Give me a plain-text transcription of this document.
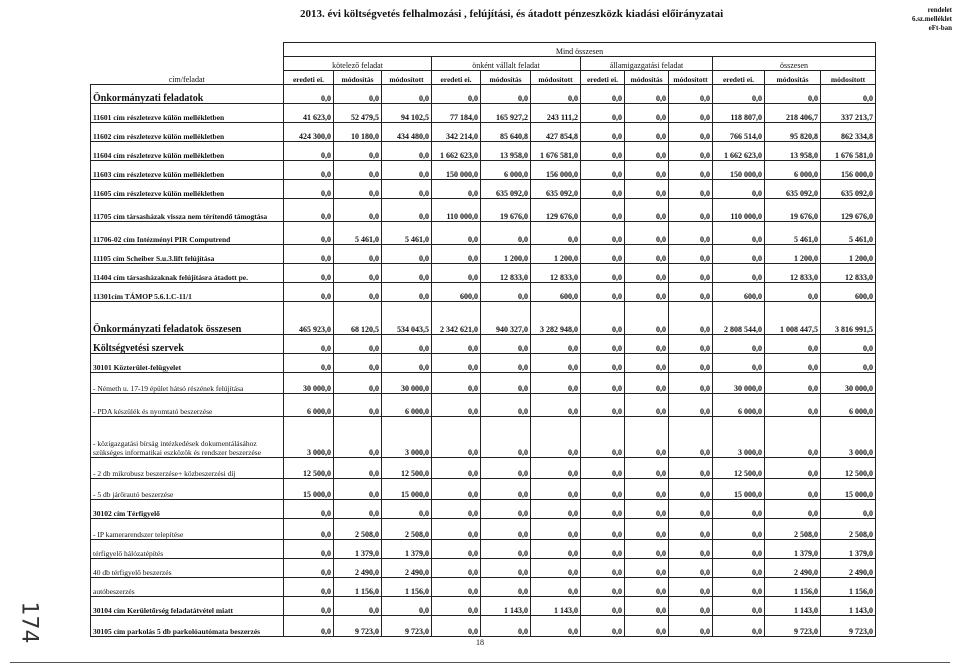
2013. évi költségvetés felhalmozási , felújítási, és átadott pénzeszközk kiadási előirányzatai	rendelet
6.sz.melléklet
eFt-ban
cím/feladat	Mind összesen											
	kötelező feladat			önként vállalt feladat			államigazgatási feladat			összesen		
	eredeti ei.	módosítás	módosított	eredeti ei.	módosítás	módosított	eredeti ei.	módosítás	módosított	eredeti ei.	módosítás	módosított
Önkormányzati feladatok	0,0	0,0	0,0	0,0	0,0	0,0	0,0	0,0	0,0	0,0	0,0	0,0
11601 cím részletezve külön mellékletben	41 623,0	52 479,5	94 102,5	77 184,0	165 927,2	243 111,2	0,0	0,0	0,0	118 807,0	218 406,7	337 213,7
11602 cím részletezve külön mellékletben	424 300,0	10 180,0	434 480,0	342 214,0	85 640,8	427 854,8	0,0	0,0	0,0	766 514,0	95 820,8	862 334,8
11604 cím részletezve külön mellékletben	0,0	0,0	0,0	1 662 623,0	13 958,0	1 676 581,0	0,0	0,0	0,0	1 662 623,0	13 958,0	1 676 581,0
11603 cím részletezve külön mellékletben	0,0	0,0	0,0	150 000,0	6 000,0	156 000,0	0,0	0,0	0,0	150 000,0	6 000,0	156 000,0
11605 cím részletezve külön mellékletben	0,0	0,0	0,0	0,0	635 092,0	635 092,0	0,0	0,0	0,0	0,0	635 092,0	635 092,0
11705 cím társasházak vissza nem térítendő támogtása	0,0	0,0	0,0	110 000,0	19 676,0	129 676,0	0,0	0,0	0,0	110 000,0	19 676,0	129 676,0
11706-02 cím Intézményi PIR Computrend	0,0	5 461,0	5 461,0	0,0	0,0	0,0	0,0	0,0	0,0	0,0	5 461,0	5 461,0
11105 cím Scheiber S.u.3.lift felújítása	0,0	0,0	0,0	0,0	1 200,0	1 200,0	0,0	0,0	0,0	0,0	1 200,0	1 200,0
11404 cím társasházaknak felújításra átadott pe.	0,0	0,0	0,0	0,0	12 833,0	12 833,0	0,0	0,0	0,0	0,0	12 833,0	12 833,0
11301cím TÁMOP 5.6.1.C-11/1	0,0	0,0	0,0	600,0	0,0	600,0	0,0	0,0	0,0	600,0	0,0	600,0
Önkormányzati feladatok összesen	465 923,0	68 120,5	534 043,5	2 342 621,0	940 327,0	3 282 948,0	0,0	0,0	0,0	2 808 544,0	1 008 447,5	3 816 991,5
Költségvetési szervek	0,0	0,0	0,0	0,0	0,0	0,0	0,0	0,0	0,0	0,0	0,0	0,0
30101 Közterület-felügyelet	0,0	0,0	0,0	0,0	0,0	0,0	0,0	0,0	0,0	0,0	0,0	0,0
- Németh u. 17-19 épület hátsó részének felújítása	30 000,0	0,0	30 000,0	0,0	0,0	0,0	0,0	0,0	0,0	30 000,0	0,0	30 000,0
- PDA készülék és nyomtató beszerzése	6 000,0	0,0	6 000,0	0,0	0,0	0,0	0,0	0,0	0,0	6 000,0	0,0	6 000,0
- közigazgatási bírság intézkedések dokumentálásához szükséges informatikai eszközök és rendszer beszerzése	3 000,0	0,0	3 000,0	0,0	0,0	0,0	0,0	0,0	0,0	3 000,0	0,0	3 000,0
- 2 db mikrobusz beszerzése+ közbeszerzési díj	12 500,0	0,0	12 500,0	0,0	0,0	0,0	0,0	0,0	0,0	12 500,0	0,0	12 500,0
- 5 db járőrautó beszerzése	15 000,0	0,0	15 000,0	0,0	0,0	0,0	0,0	0,0	0,0	15 000,0	0,0	15 000,0
30102 cím Térfigyelő	0,0	0,0	0,0	0,0	0,0	0,0	0,0	0,0	0,0	0,0	0,0	0,0
- IP kamerarendszer telepítése	0,0	2 508,0	2 508,0	0,0	0,0	0,0	0,0	0,0	0,0	0,0	2 508,0	2 508,0
térfigyelő hálózatépítés	0,0	1 379,0	1 379,0	0,0	0,0	0,0	0,0	0,0	0,0	0,0	1 379,0	1 379,0
40 db térfigyelő beszerzés	0,0	2 490,0	2 490,0	0,0	0,0	0,0	0,0	0,0	0,0	0,0	2 490,0	2 490,0
autóbeszerzés	0,0	1 156,0	1 156,0	0,0	0,0	0,0	0,0	0,0	0,0	0,0	1 156,0	1 156,0
30104 cím Kerületőrség feladatátvétel miatt	0,0	0,0	0,0	0,0	1 143,0	1 143,0	0,0	0,0	0,0	0,0	1 143,0	1 143,0
30105 cím parkolás 5 db parkolóautómata beszerzés	0,0	9 723,0	9 723,0	0,0	0,0	0,0	0,0	0,0	0,0	0,0	9 723,0	9 723,0
18
174
